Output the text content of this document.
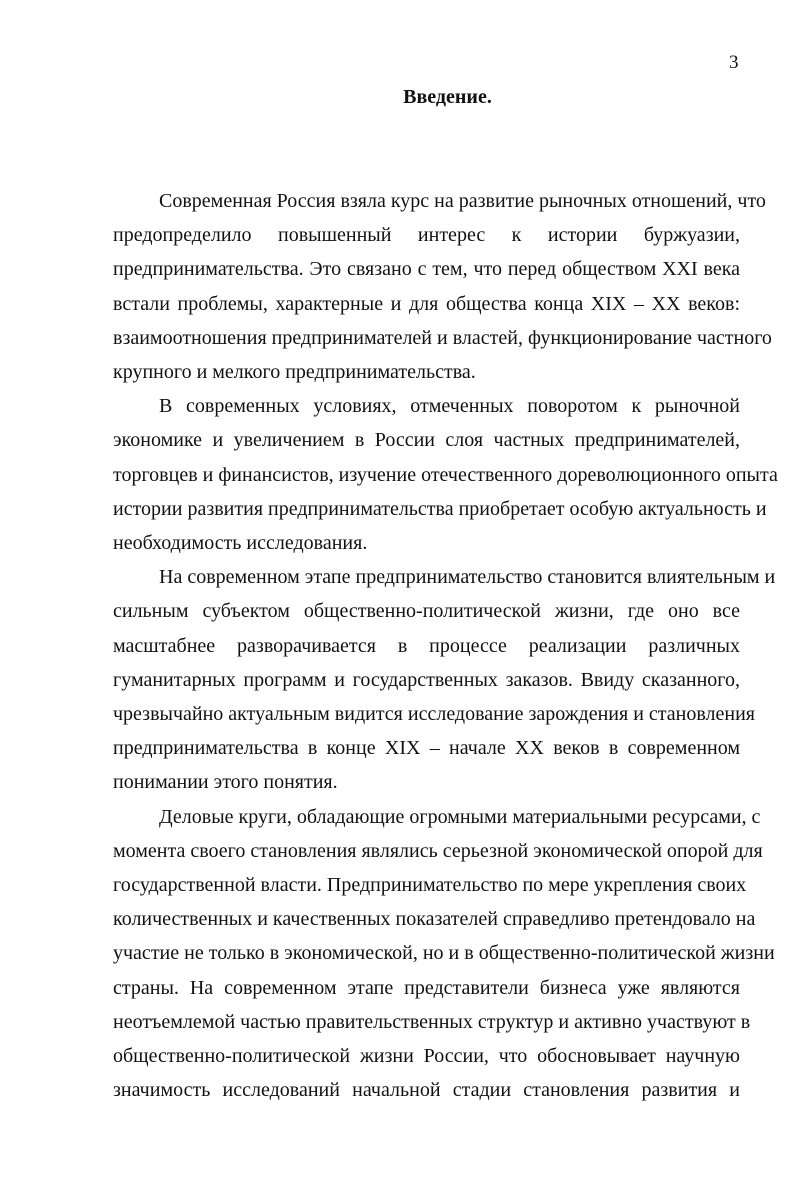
3
Введение.

Современная Россия взяла курс на развитие рыночных отношений, что
предопределило повышенный интерес к истории буржуазии,
предпринимательства. Это связано с тем, что перед обществом XXI века
встали проблемы, характерные и для общества конца XIX – XX веков:
взаимоотношения предпринимателей и властей, функционирование частного
крупного и мелкого предпринимательства.

В современных условиях, отмеченных поворотом к рыночной
экономике и увеличением в России слоя частных предпринимателей,
торговцев и финансистов, изучение отечественного дореволюционного опыта
истории развития предпринимательства приобретает особую актуальность и
необходимость исследования.

На современном этапе предпринимательство становится влиятельным и
сильным субъектом общественно-политической жизни, где оно все
масштабнее разворачивается в процессе реализации различных
гуманитарных программ и государственных заказов. Ввиду сказанного,
чрезвычайно актуальным видится исследование зарождения и становления
предпринимательства в конце XIX – начале XX веков в современном
понимании этого понятия.

Деловые круги, обладающие огромными материальными ресурсами, с
момента своего становления являлись серьезной экономической опорой для
государственной власти. Предпринимательство по мере укрепления своих
количественных и качественных показателей справедливо претендовало на
участие не только в экономической, но и в общественно-политической жизни
страны. На современном этапе представители бизнеса уже являются
неотъемлемой частью правительственных структур и активно участвуют в
общественно-политической жизни России, что обосновывает научную
значимость исследований начальной стадии становления развития и
